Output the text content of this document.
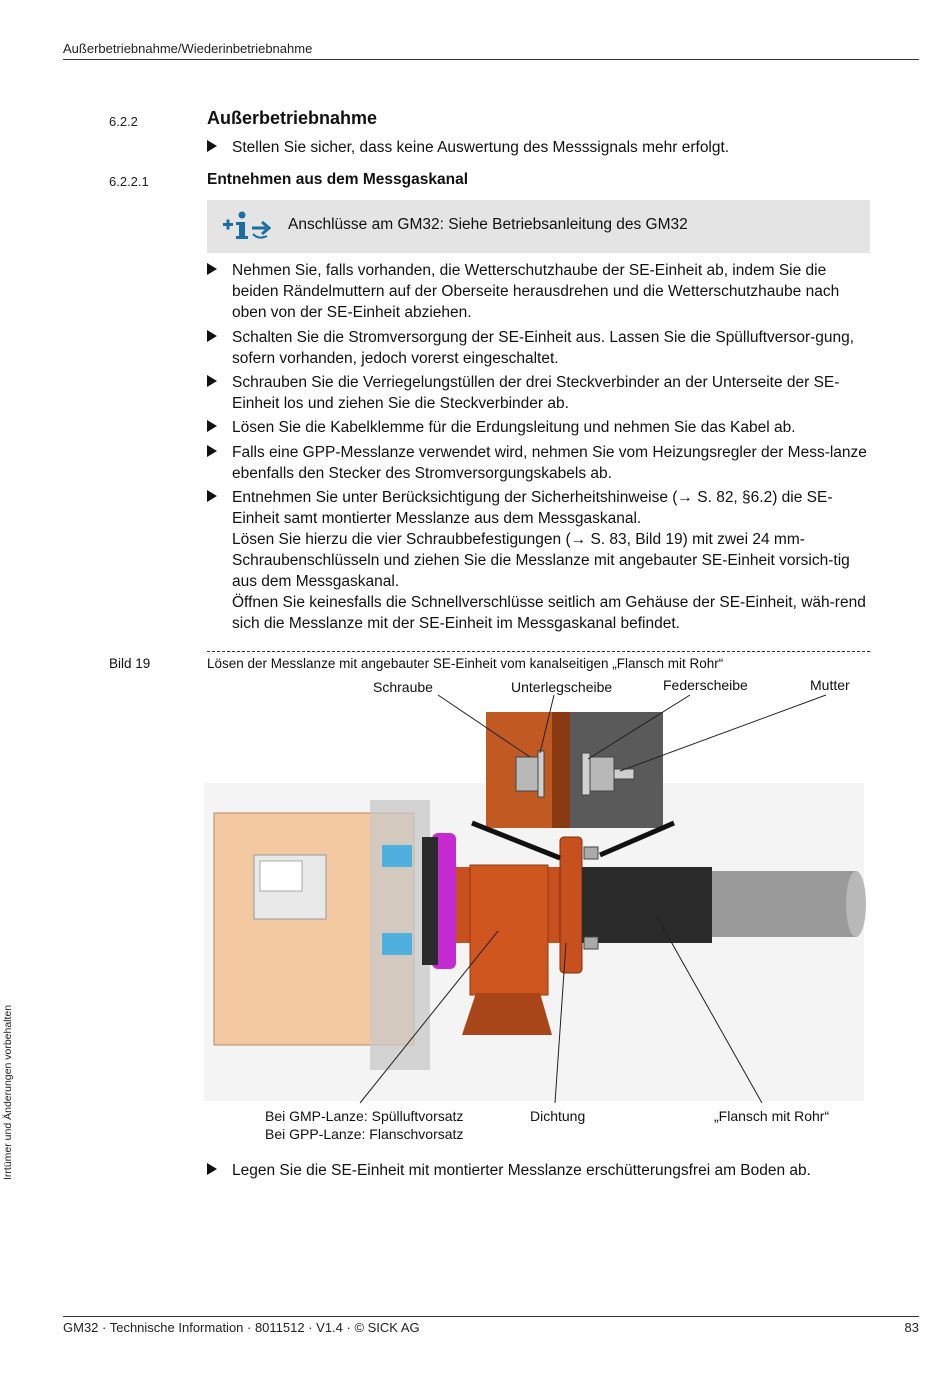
Außerbetriebnahme/Wiederinbetriebnahme
Irrtümer und Änderungen vorbehalten
6.2.2	Außerbetriebnahme

Stellen Sie sicher, dass keine Auswertung des Messsignals mehr erfolgt.

6.2.2.1	Entnehmen aus dem Messgaskanal
Anschlüsse am GM32: Siehe Betriebsanleitung des GM32

Nehmen Sie, falls vorhanden, die Wetterschutzhaube der SE-Einheit ab, indem Sie die beiden Rändelmuttern auf der Oberseite herausdrehen und die Wetterschutzhaube nach oben von der SE-Einheit abziehen.

Schalten Sie die Stromversorgung der SE-Einheit aus. Lassen Sie die Spülluftversor-gung, sofern vorhanden, jedoch vorerst eingeschaltet.

Schrauben Sie die Verriegelungstüllen der drei Steckverbinder an der Unterseite der SE-Einheit los und ziehen Sie die Steckverbinder ab.

Lösen Sie die Kabelklemme für die Erdungsleitung und nehmen Sie das Kabel ab.

Falls eine GPP-Messlanze verwendet wird, nehmen Sie vom Heizungsregler der Mess-lanze ebenfalls den Stecker des Stromversorgungskabels ab.

Entnehmen Sie unter Berücksichtigung der Sicherheitshinweise (→ S. 82, §6.2) die SE-Einheit samt montierter Messlanze aus dem Messgaskanal.

Lösen Sie hierzu die vier Schraubbefestigungen (→ S. 83, Bild 19) mit zwei 24 mm-Schraubenschlüsseln und ziehen Sie die Messlanze mit angebauter SE-Einheit vorsich-tig aus dem Messgaskanal.

Öffnen Sie keinesfalls die Schnellverschlüsse seitlich am Gehäuse der SE-Einheit, wäh-rend sich die Messlanze mit der SE-Einheit im Messgaskanal befindet.

Bild 19	Lösen der Messlanze mit angebauter SE-Einheit vom kanalseitigen „Flansch mit Rohr“
Schraube	Unterlegscheibe	Federscheibe	Mutter
Bei GMP-Lanze: Spülluftvorsatz
Bei GPP-Lanze: Flanschvorsatz
Dichtung	„Flansch mit Rohr“

Legen Sie die SE-Einheit mit montierter Messlanze erschütterungsfrei am Boden ab.

GM32 · Technische Information · 8011512 · V1.4 · © SICK AG	83
